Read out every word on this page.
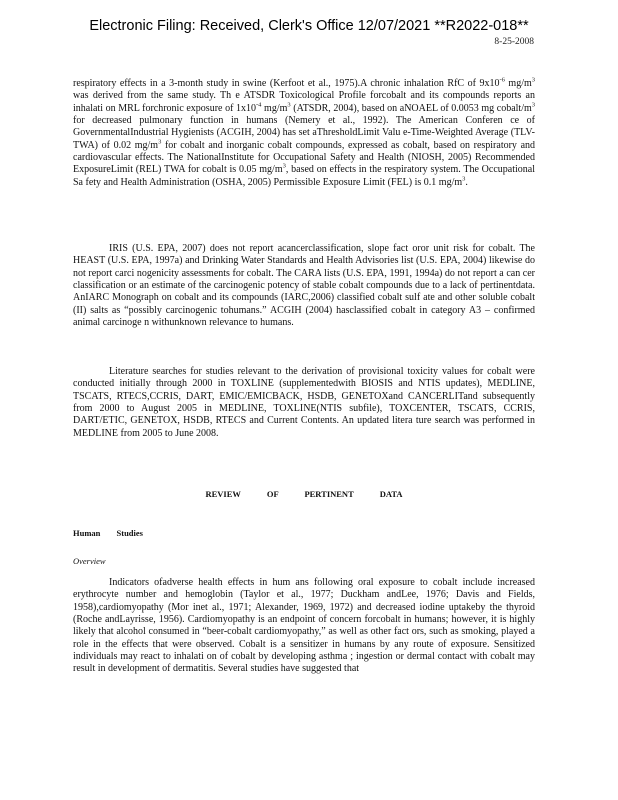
Electronic Filing: Received, Clerk's Office 12/07/2021 **R2022-018**
8-25-2008

respiratory effects in a 3-month study in swine (Kerfoot et al., 1975).A chronic inhalation RfC of $9x10^{-6}$ $mg/m^3$ was derived from the same study. Th e ATSDR Toxicological Profile forcobalt and its compounds reports an inhalati on MRL forchronic exposure of $1x10^{-4}$ $mg/m^3$ (ATSDR, 2004), based on aNOAEL of 0.0053 mg cobalt/$m^3$ for decreased pulmonary function in humans (Nemery et al., 1992). The American Conferen ce of GovernmentalIndustrial Hygienists (ACGIH, 2004) has set aThresholdLimit Valu e-Time-Weighted Average (TLV-TWA) of 0.02 $mg/m^3$ for cobalt and inorganic cobalt compounds, expressed as cobalt, based on respiratory and cardiovascular effects. The NationalInstitute for Occupational Safety and Health (NIOSH, 2005) Recommended ExposureLimit (REL) TWA for cobalt is 0.05 $mg/m^3$, based on effects in the respiratory system. The Occupational Sa fety and Health Administration (OSHA, 2005) Permissible Exposure Limit (FEL) is 0.1 $mg/m^3$.

IRIS (U.S. EPA, 2007) does not report acancerclassification, slope fact oror unit risk for cobalt. The HEAST (U.S. EPA, 1997a) and Drinking Water Standards and Health Advisories list (U.S. EPA, 2004) likewise do not report carci nogenicity assessments for cobalt. The CARA lists (U.S. EPA, 1991, 1994a) do not report a can cer classification or an estimate of the carcinogenic potency of stable cobalt compounds due to a lack of pertinentdata. AnIARC Monograph on cobalt and its compounds (IARC,2006) classified cobalt sulf ate and other soluble cobalt (II) salts as “possibly carcinogenic tohumans.” ACGIH (2004) hasclassified cobalt in category A3 – confirmed animal carcinoge n withunknown relevance to humans.
Literature searches for studies relevant to the derivation of provisional toxicity values for cobalt were conducted initially through 2000 in TOXLINE (supplementedwith BIOSIS and NTIS updates), MEDLINE, TSCATS, RTECS,CCRIS, DART, EMIC/EMICBACK, HSDB, GENETOXand CANCERLITand subsequently from 2000 to August 2005 in MEDLINE, TOXLINE(NTIS subfile), TOXCENTER, TSCATS, CCRIS, DART/ETIC, GENETOX, HSDB, RTECS and Current Contents. An updated litera ture search was performed in MEDLINE from 2005 to June 2008.
REVIEW OF PERTINENT DATA
Human Studies
Overview
Indicators ofadverse health effects in hum ans following oral exposure to cobalt include increased erythrocyte number and hemoglobin (Taylor et al., 1977; Duckham andLee, 1976; Davis and Fields, 1958),cardiomyopathy (Mor inet al., 1971; Alexander, 1969, 1972) and decreased iodine uptakeby the thyroid (Roche andLayrisse, 1956). Cardiomyopathy is an endpoint of concern forcobalt in humans; however, it is highly likely that alcohol consumed in “beer-cobalt cardiomyopathy,” as well as other fact ors, such as smoking, played a role in the effects that were observed. Cobalt is a sensitizer in humans by any route of exposure. Sensitized individuals may react to inhalati on of cobalt by developing asthma ; ingestion or dermal contact with cobalt may result in development of dermatitis. Several studies have suggested that
